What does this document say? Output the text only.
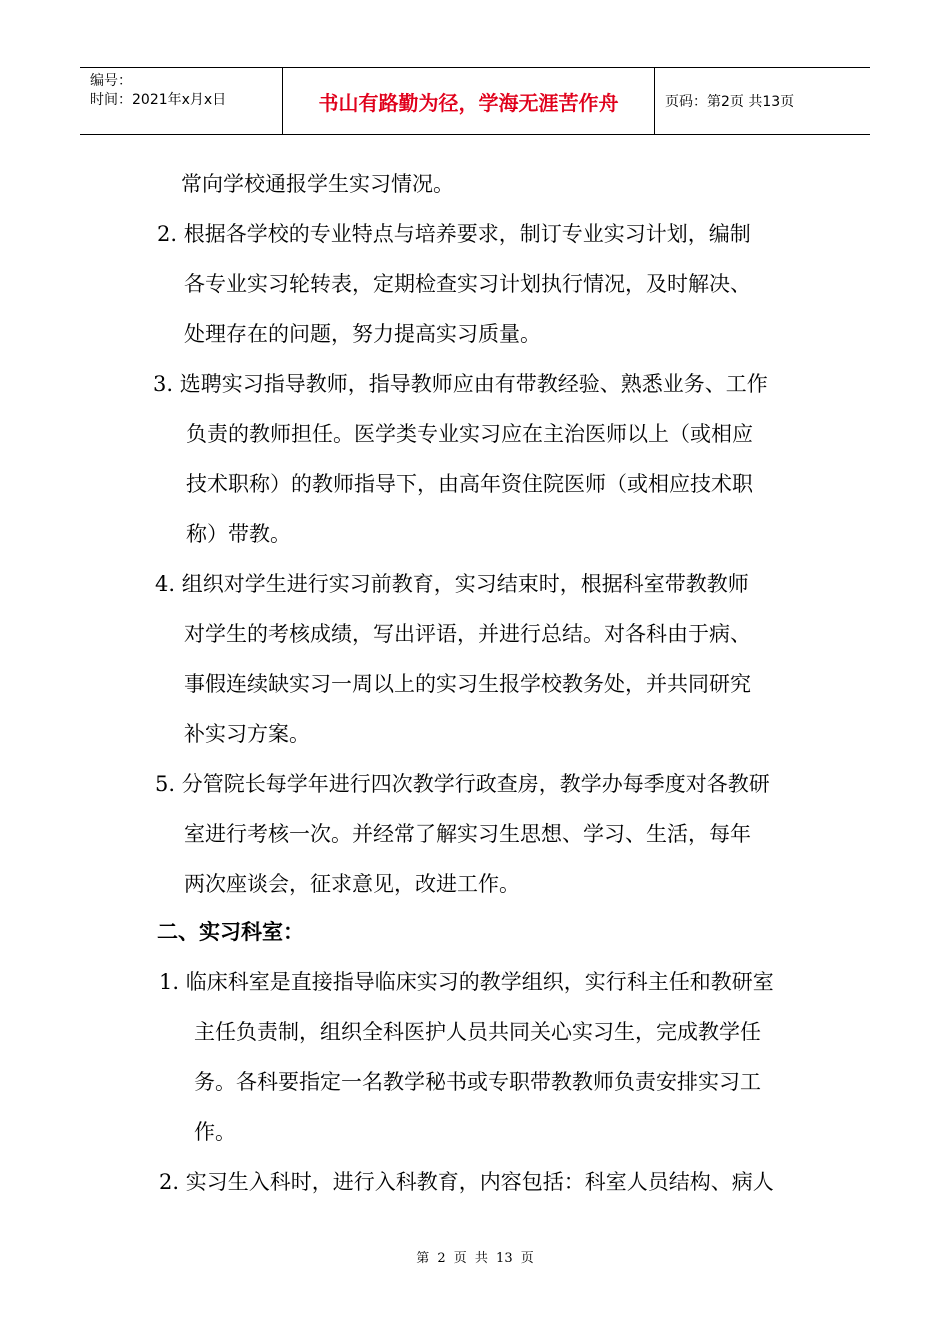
编号：
时间：2021年x月x日	书山有路勤为径，学海无涯苦作舟	页码：第2页 共13页
常向学校通报学生实习情况。
2. 根据各学校的专业特点与培养要求，制订专业实习计划，编制
各专业实习轮转表，定期检查实习计划执行情况，及时解决、
处理存在的问题，努力提高实习质量。
3. 选聘实习指导教师，指导教师应由有带教经验、熟悉业务、工作
负责的教师担任。医学类专业实习应在主治医师以上（或相应
技术职称）的教师指导下，由高年资住院医师（或相应技术职
称）带教。
4. 组织对学生进行实习前教育，实习结束时，根据科室带教教师
对学生的考核成绩，写出评语，并进行总结。对各科由于病、
事假连续缺实习一周以上的实习生报学校教务处，并共同研究
补实习方案。
5. 分管院长每学年进行四次教学行政查房，教学办每季度对各教研
室进行考核一次。并经常了解实习生思想、学习、生活，每年
两次座谈会，征求意见，改进工作。
二、实习科室：
1. 临床科室是直接指导临床实习的教学组织，实行科主任和教研室
主任负责制，组织全科医护人员共同关心实习生，完成教学任
务。各科要指定一名教学秘书或专职带教教师负责安排实习工
作。
2. 实习生入科时，进行入科教育，内容包括：科室人员结构、病人
第 2 页 共 13 页
